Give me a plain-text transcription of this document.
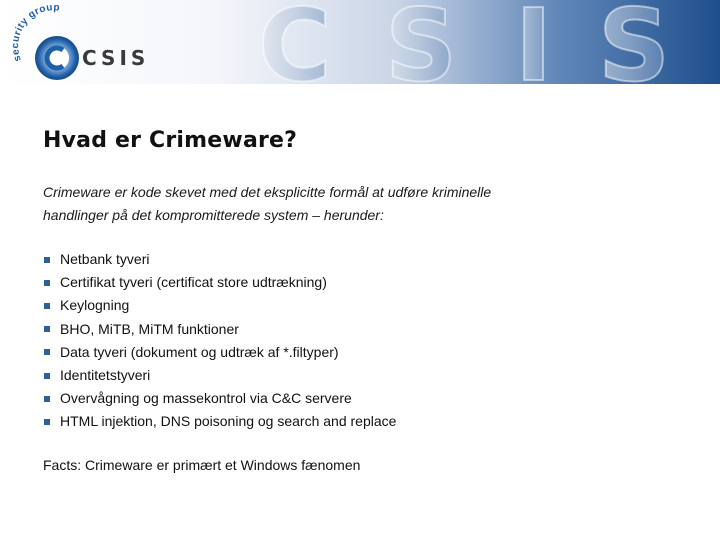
C S I S
security group
CSIS
Hvad er Crimeware?

Crimeware er kode skevet med det eksplicitte formål at udføre kriminelle

handlinger på det kompromitterede system – herunder:

Netbank tyveri
Certifikat tyveri (certificat store udtrækning)
Keylogning
BHO, MiTB, MiTM funktioner
Data tyveri (dokument og udtræk af *.filtyper)
Identitetstyveri
Overvågning og massekontrol via C&C servere
HTML injektion, DNS poisoning og search and replace
Facts: Crimeware er primært et Windows fænomen
